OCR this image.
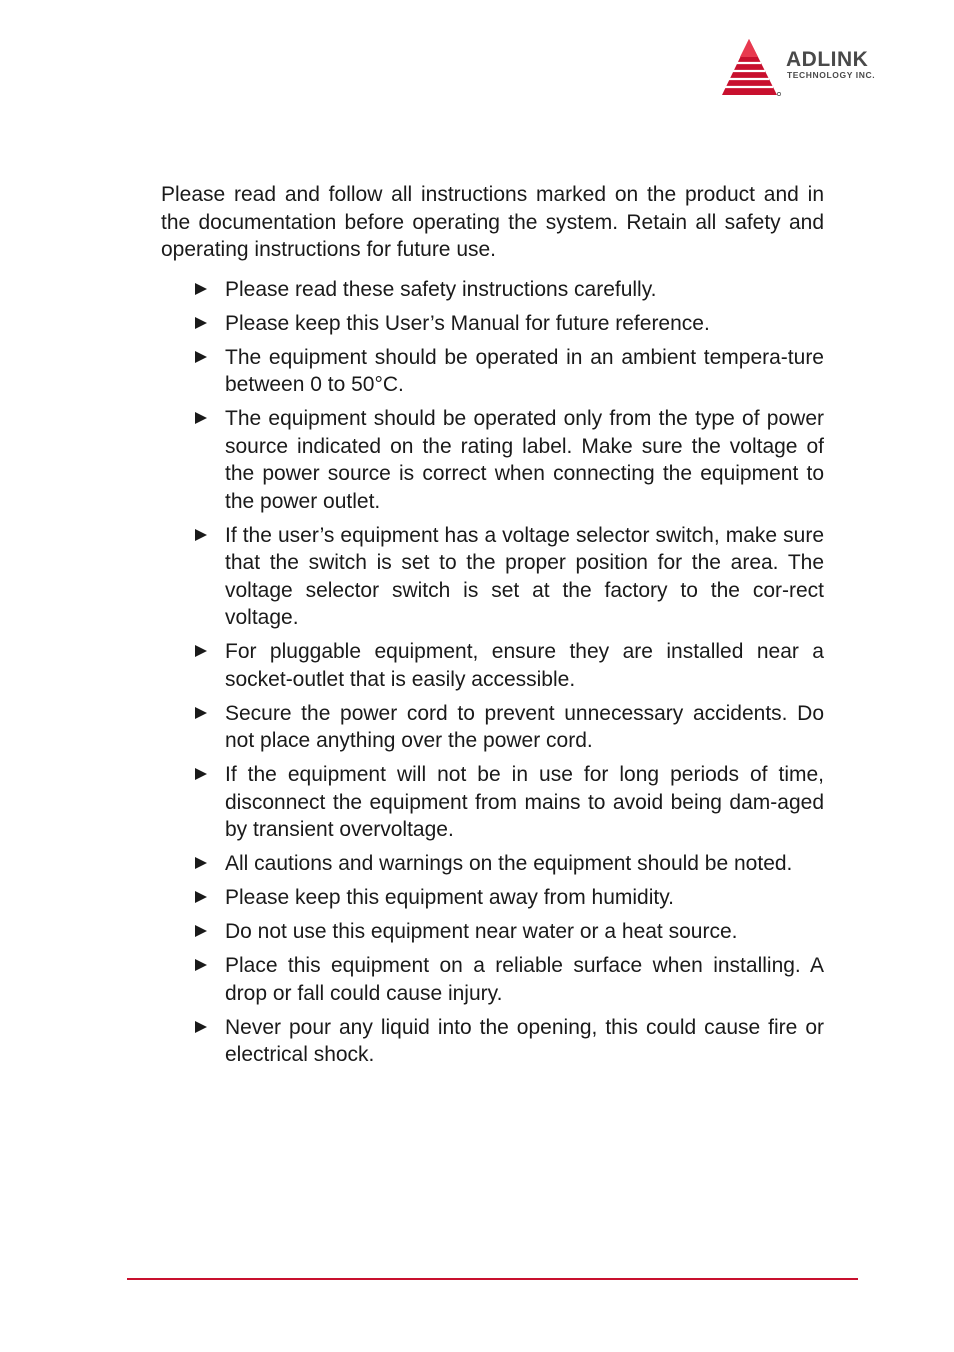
ADLINK
TECHNOLOGY INC.

Please read and follow all instructions marked on the product and in the documentation before operating the system. Retain all safety and operating instructions for future use.

Please read these safety instructions carefully.
Please keep this User’s Manual for future reference.
The equipment should be operated in an ambient tempera-ture between 0 to 50°C.
The equipment should be operated only from the type of power source indicated on the rating label. Make sure the voltage of the power source is correct when connecting the equipment to the power outlet.
If the user’s equipment has a voltage selector switch, make sure that the switch is set to the proper position for the area. The voltage selector switch is set at the factory to the cor-rect voltage.
For pluggable equipment, ensure they are installed near a socket-outlet that is easily accessible.
Secure the power cord to prevent unnecessary accidents. Do not place anything over the power cord.
If the equipment will not be in use for long periods of time, disconnect the equipment from mains to avoid being dam-aged by transient overvoltage.
All cautions and warnings on the equipment should be noted.
Please keep this equipment away from humidity.
Do not use this equipment near water or a heat source.
Place this equipment on a reliable surface when installing. A drop or fall could cause injury.
Never pour any liquid into the opening, this could cause fire or electrical shock.
